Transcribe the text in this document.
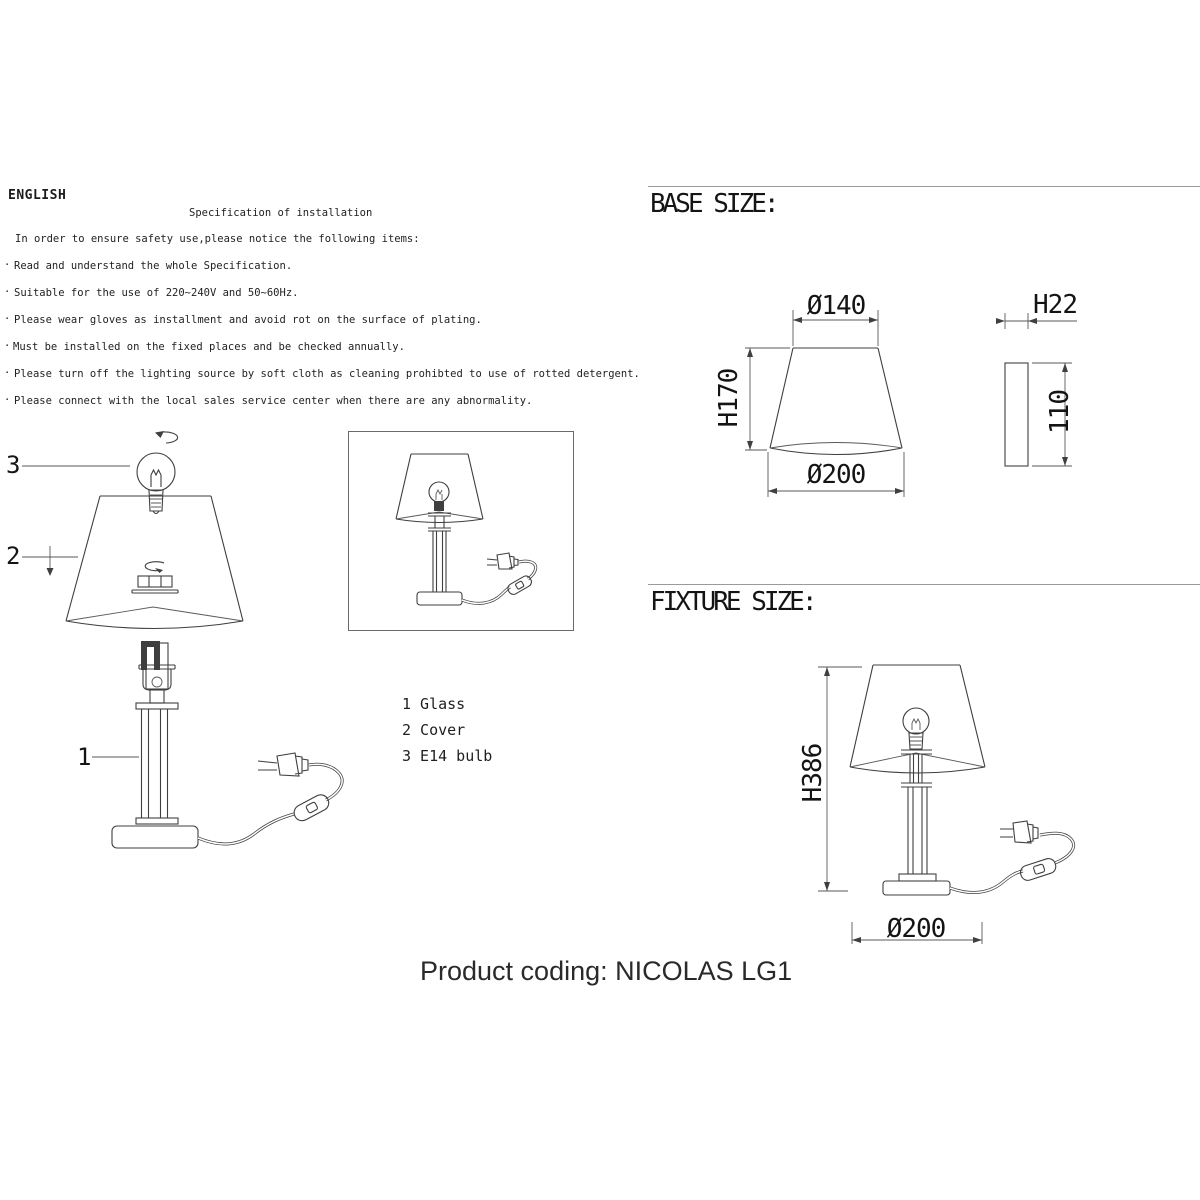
ENGLISH
Specification of installation
In order to ensure safety use,please notice the following items:
· Read and understand the whole Specification.
· Suitable for the use of 220~240V and 50~60Hz.
· Please wear gloves as installment and avoid rot on the surface of plating.
· Must be installed on the fixed places and be checked annually.
· Please turn off the lighting source by soft cloth as cleaning prohibted to use of rotted detergent.
· Please connect with the local sales service center when there are any abnormality.
3
2
1
1 Glass
2 Cover
3 E14 bulb
BASE SIZE:
Ø140
H170
Ø200
H22
110
FIXTURE SIZE:
H386
Ø200
Product coding: NICOLAS LG1
